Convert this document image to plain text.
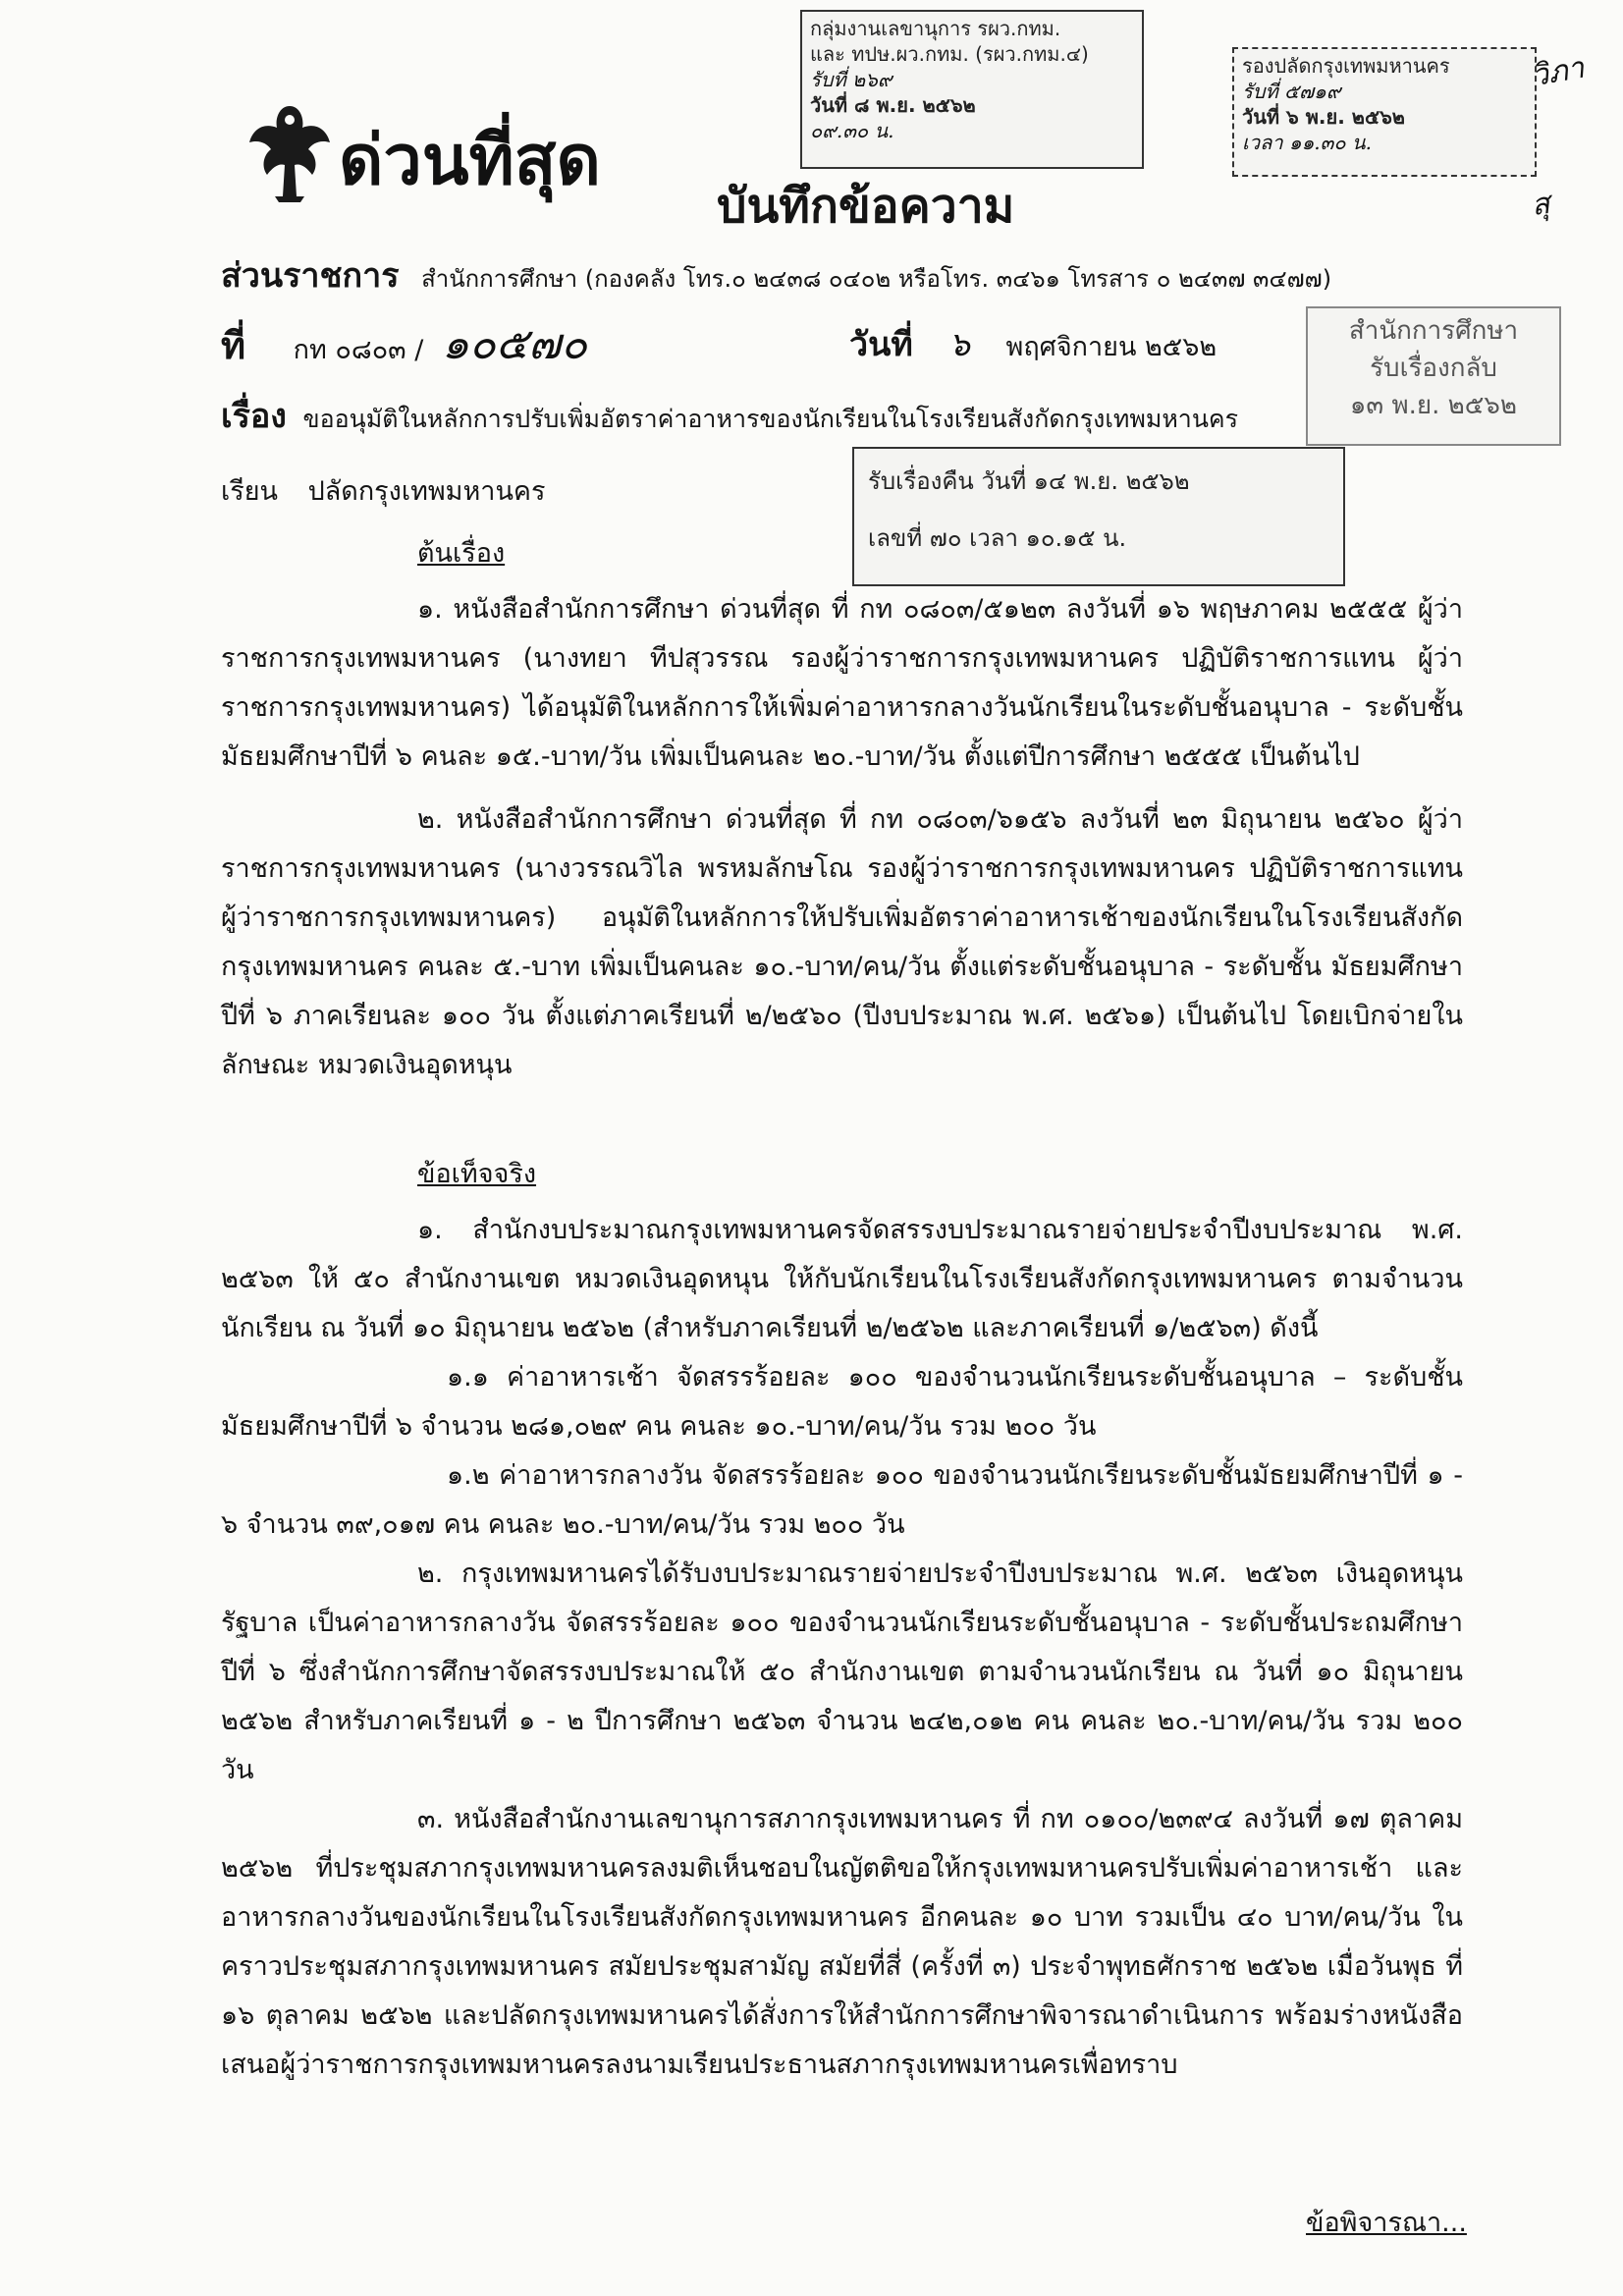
ด่วนที่สุด
บันทึกข้อความ
กลุ่มงานเลขานุการ รผว.กทม.
และ ทปษ.ผว.กทม. (รผว.กทม.๔)
รับที่ ๒๖๙
วันที่ ๘ พ.ย. ๒๕๖๒
๐๙.๓๐ น.
รองปลัดกรุงเทพมหานคร
รับที่ ๕๗๑๙
วันที่ ๖ พ.ย. ๒๕๖๒
เวลา ๑๑.๓๐ น.
วิภา
สุ
สำนักการศึกษา
รับเรื่องกลับ
๑๓ พ.ย. ๒๕๖๒
ส่วนราชการ สำนักการศึกษา (กองคลัง โทร.๐ ๒๔๓๘ ๐๔๐๒ หรือโทร. ๓๔๖๑ โทรสาร ๐ ๒๔๓๗ ๓๔๗๗)
ที่ กท ๐๘๐๓ / ๑๐๕๗๐	วันที่ ๖ พฤศจิกายน ๒๕๖๒
เรื่อง ขออนุมัติในหลักการปรับเพิ่มอัตราค่าอาหารของนักเรียนในโรงเรียนสังกัดกรุงเทพมหานคร
เรียน ปลัดกรุงเทพมหานคร	รับเรื่องคืน วันที่ ๑๔ พ.ย. ๒๕๖๒
เลขที่ ๗๐ เวลา ๑๐.๑๕ น.
ต้นเรื่อง

๑. หนังสือสำนักการศึกษา ด่วนที่สุด ที่ กท ๐๘๐๓/๕๑๒๓ ลงวันที่ ๑๖ พฤษภาคม ๒๕๕๕ ผู้ว่าราชการกรุงเทพมหานคร (นางทยา ทีปสุวรรณ รองผู้ว่าราชการกรุงเทพมหานคร ปฏิบัติราชการแทน ผู้ว่าราชการกรุงเทพมหานคร) ได้อนุมัติในหลักการให้เพิ่มค่าอาหารกลางวันนักเรียนในระดับชั้นอนุบาล - ระดับชั้นมัธยมศึกษาปีที่ ๖ คนละ ๑๕.-บาท/วัน เพิ่มเป็นคนละ ๒๐.-บาท/วัน ตั้งแต่ปีการศึกษา ๒๕๕๕ เป็นต้นไป

๒. หนังสือสำนักการศึกษา ด่วนที่สุด ที่ กท ๐๘๐๓/๖๑๕๖ ลงวันที่ ๒๓ มิถุนายน ๒๕๖๐ ผู้ว่าราชการกรุงเทพมหานคร (นางวรรณวิไล พรหมลักษโณ รองผู้ว่าราชการกรุงเทพมหานคร ปฏิบัติราชการแทน ผู้ว่าราชการกรุงเทพมหานคร) อนุมัติในหลักการให้ปรับเพิ่มอัตราค่าอาหารเช้าของนักเรียนในโรงเรียนสังกัด กรุงเทพมหานคร คนละ ๕.-บาท เพิ่มเป็นคนละ ๑๐.-บาท/คน/วัน ตั้งแต่ระดับชั้นอนุบาล - ระดับชั้น มัธยมศึกษาปีที่ ๖ ภาคเรียนละ ๑๐๐ วัน ตั้งแต่ภาคเรียนที่ ๒/๒๕๖๐ (ปีงบประมาณ พ.ศ. ๒๕๖๑) เป็นต้นไป โดยเบิกจ่ายในลักษณะ หมวดเงินอุดหนุน

ข้อเท็จจริง

๑. สำนักงบประมาณกรุงเทพมหานครจัดสรรงบประมาณรายจ่ายประจำปีงบประมาณ พ.ศ. ๒๕๖๓ ให้ ๕๐ สำนักงานเขต หมวดเงินอุดหนุน ให้กับนักเรียนในโรงเรียนสังกัดกรุงเทพมหานคร ตามจำนวนนักเรียน ณ วันที่ ๑๐ มิถุนายน ๒๕๖๒ (สำหรับภาคเรียนที่ ๒/๒๕๖๒ และภาคเรียนที่ ๑/๒๕๖๓) ดังนี้

๑.๑ ค่าอาหารเช้า จัดสรรร้อยละ ๑๐๐ ของจำนวนนักเรียนระดับชั้นอนุบาล – ระดับชั้น มัธยมศึกษาปีที่ ๖ จำนวน ๒๘๑,๐๒๙ คน คนละ ๑๐.-บาท/คน/วัน รวม ๒๐๐ วัน

๑.๒ ค่าอาหารกลางวัน จัดสรรร้อยละ ๑๐๐ ของจำนวนนักเรียนระดับชั้นมัธยมศึกษาปีที่ ๑ - ๖ จำนวน ๓๙,๐๑๗ คน คนละ ๒๐.-บาท/คน/วัน รวม ๒๐๐ วัน

๒. กรุงเทพมหานครได้รับงบประมาณรายจ่ายประจำปีงบประมาณ พ.ศ. ๒๕๖๓ เงินอุดหนุนรัฐบาล เป็นค่าอาหารกลางวัน จัดสรรร้อยละ ๑๐๐ ของจำนวนนักเรียนระดับชั้นอนุบาล - ระดับชั้นประถมศึกษาปีที่ ๖ ซึ่งสำนักการศึกษาจัดสรรงบประมาณให้ ๕๐ สำนักงานเขต ตามจำนวนนักเรียน ณ วันที่ ๑๐ มิถุนายน ๒๕๖๒ สำหรับภาคเรียนที่ ๑ - ๒ ปีการศึกษา ๒๕๖๓ จำนวน ๒๔๒,๐๑๒ คน คนละ ๒๐.-บาท/คน/วัน รวม ๒๐๐ วัน

๓. หนังสือสำนักงานเลขานุการสภากรุงเทพมหานคร ที่ กท ๐๑๐๐/๒๓๙๔ ลงวันที่ ๑๗ ตุลาคม ๒๕๖๒ ที่ประชุมสภากรุงเทพมหานครลงมติเห็นชอบในญัตติขอให้กรุงเทพมหานครปรับเพิ่มค่าอาหารเช้า และอาหารกลางวันของนักเรียนในโรงเรียนสังกัดกรุงเทพมหานคร อีกคนละ ๑๐ บาท รวมเป็น ๔๐ บาท/คน/วัน ในคราวประชุมสภากรุงเทพมหานคร สมัยประชุมสามัญ สมัยที่สี่ (ครั้งที่ ๓) ประจำพุทธศักราช ๒๕๖๒ เมื่อวันพุธ ที่ ๑๖ ตุลาคม ๒๕๖๒ และปลัดกรุงเทพมหานครได้สั่งการให้สำนักการศึกษาพิจารณาดำเนินการ พร้อมร่างหนังสือ เสนอผู้ว่าราชการกรุงเทพมหานครลงนามเรียนประธานสภากรุงเทพมหานครเพื่อทราบ

ข้อพิจารณา...
